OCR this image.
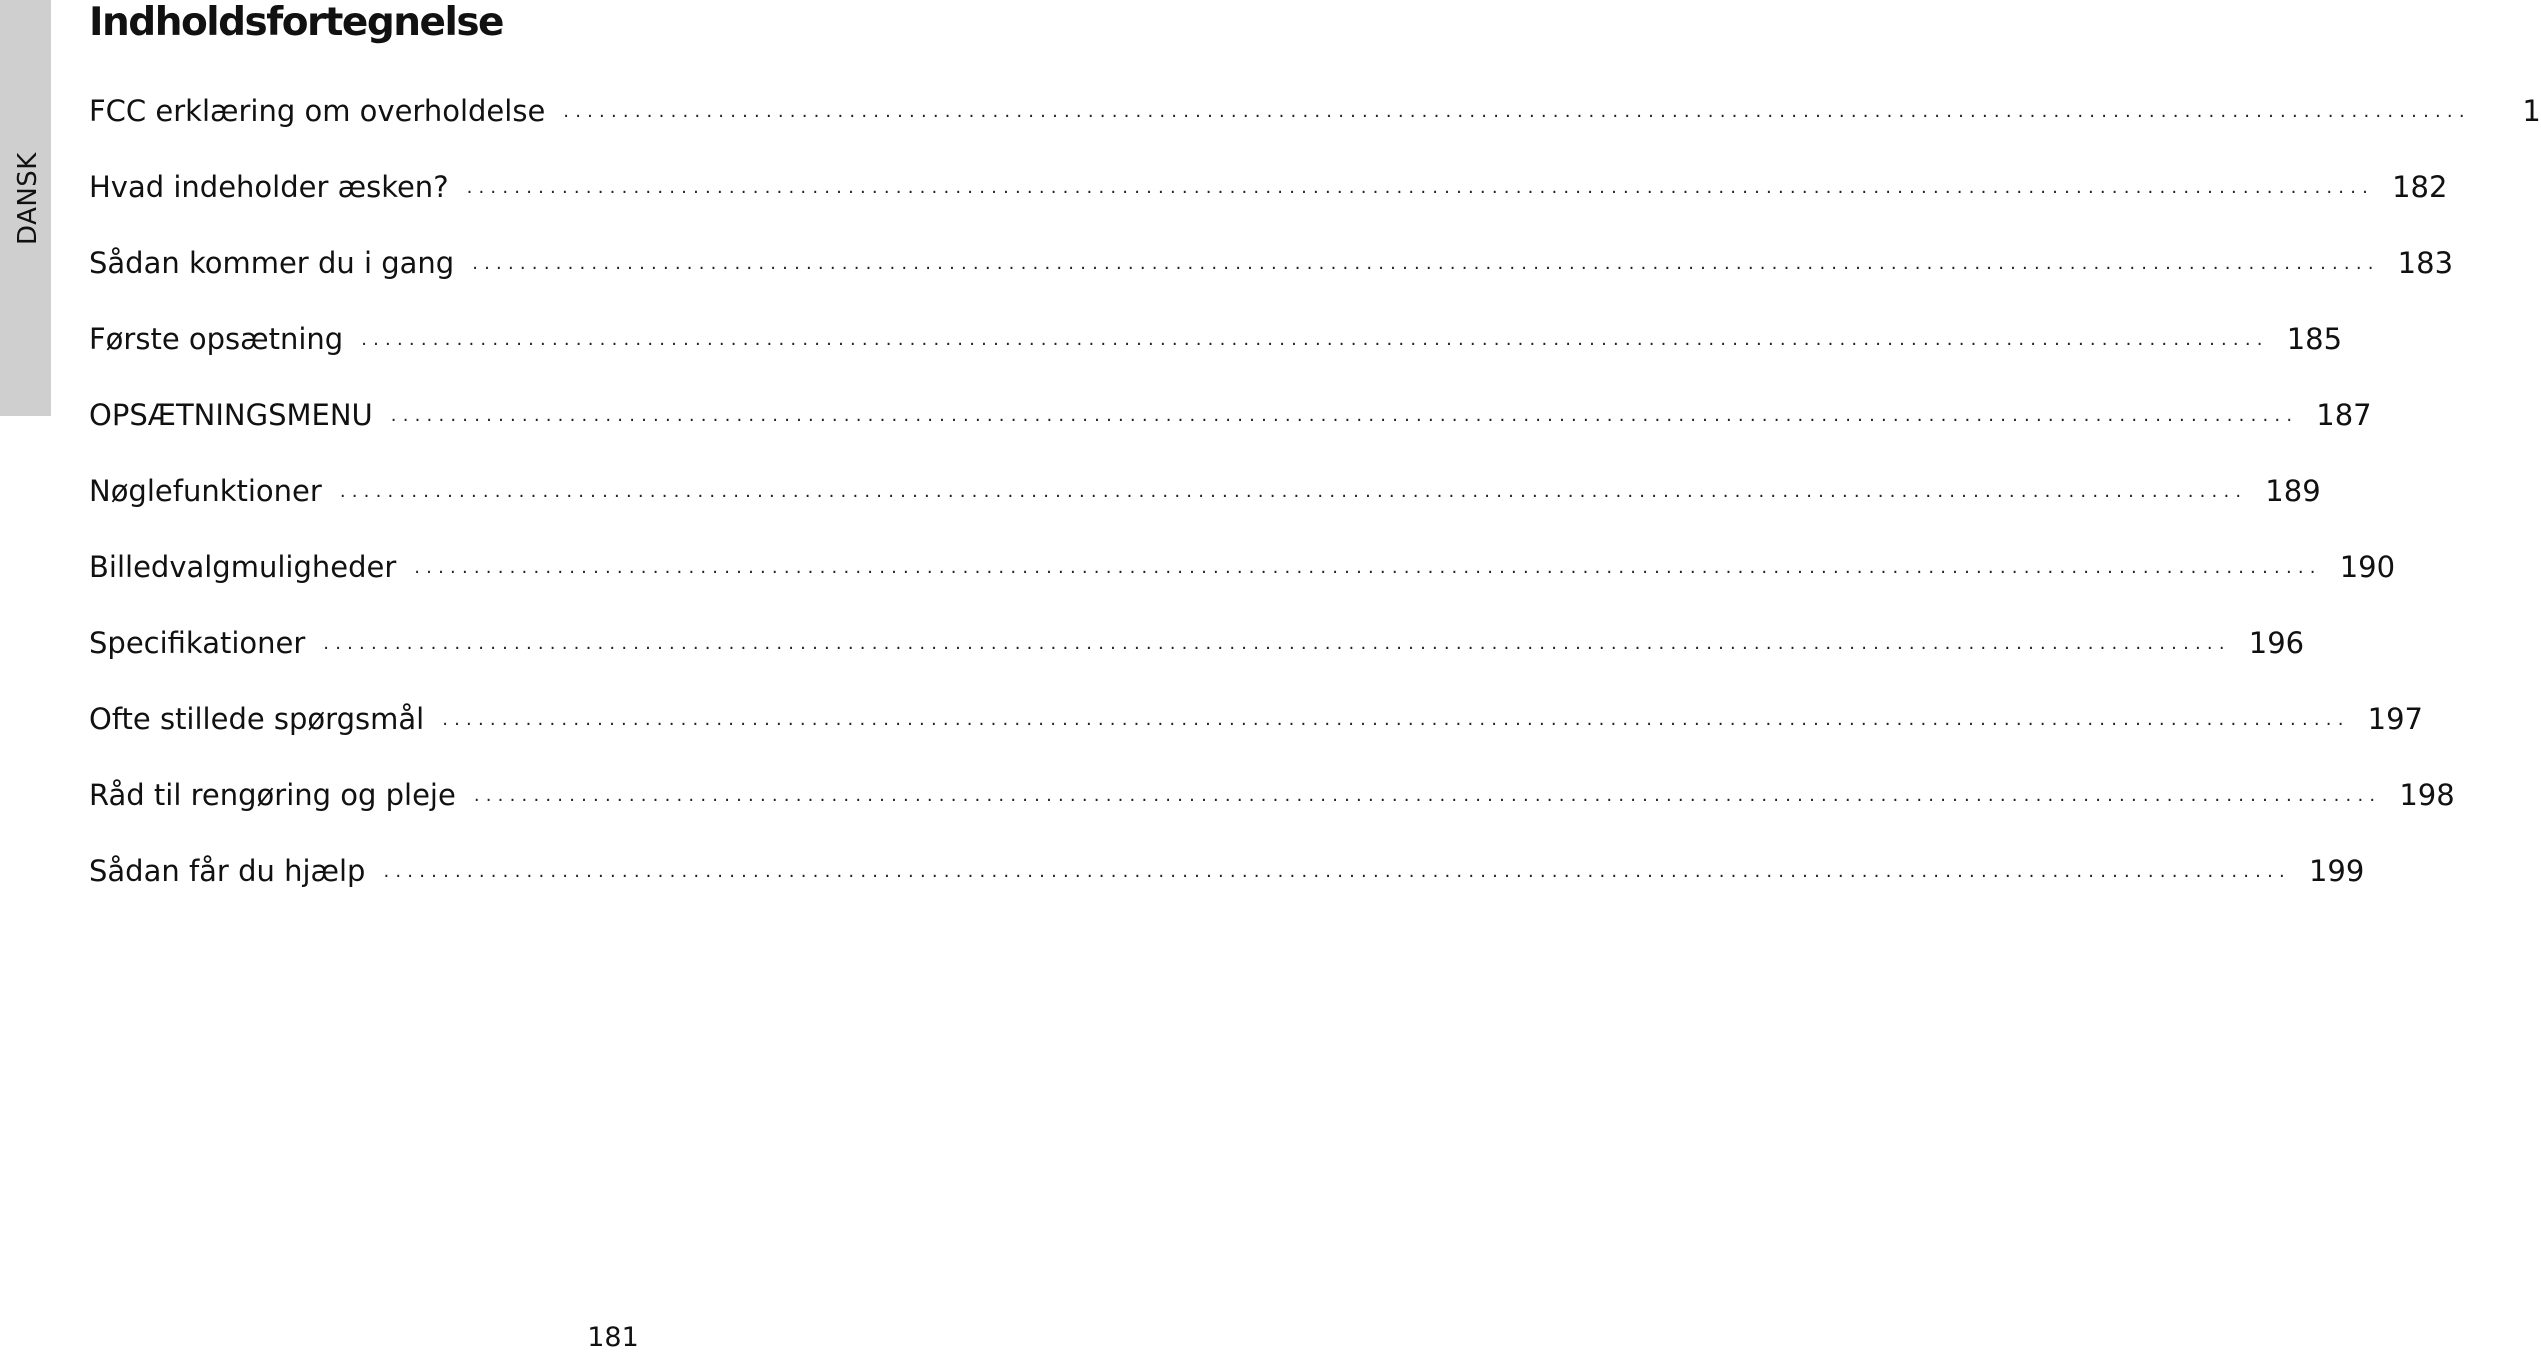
DANSK
Indholdsfortegnelse
FCC erklæring om overholdelse ................................................................................................................................................................	1
Hvad indeholder æsken? ................................................................................................................................................................ 182
Sådan kommer du i gang ................................................................................................................................................................ 183
Første opsætning ................................................................................................................................................................ 185
OPSÆTNINGSMENU ................................................................................................................................................................ 187
Nøglefunktioner ................................................................................................................................................................ 189
Billedvalgmuligheder ................................................................................................................................................................ 190
Specifikationer ................................................................................................................................................................ 196
Ofte stillede spørgsmål ................................................................................................................................................................ 197
Råd til rengøring og pleje ................................................................................................................................................................ 198
Sådan får du hjælp ................................................................................................................................................................ 199
181
